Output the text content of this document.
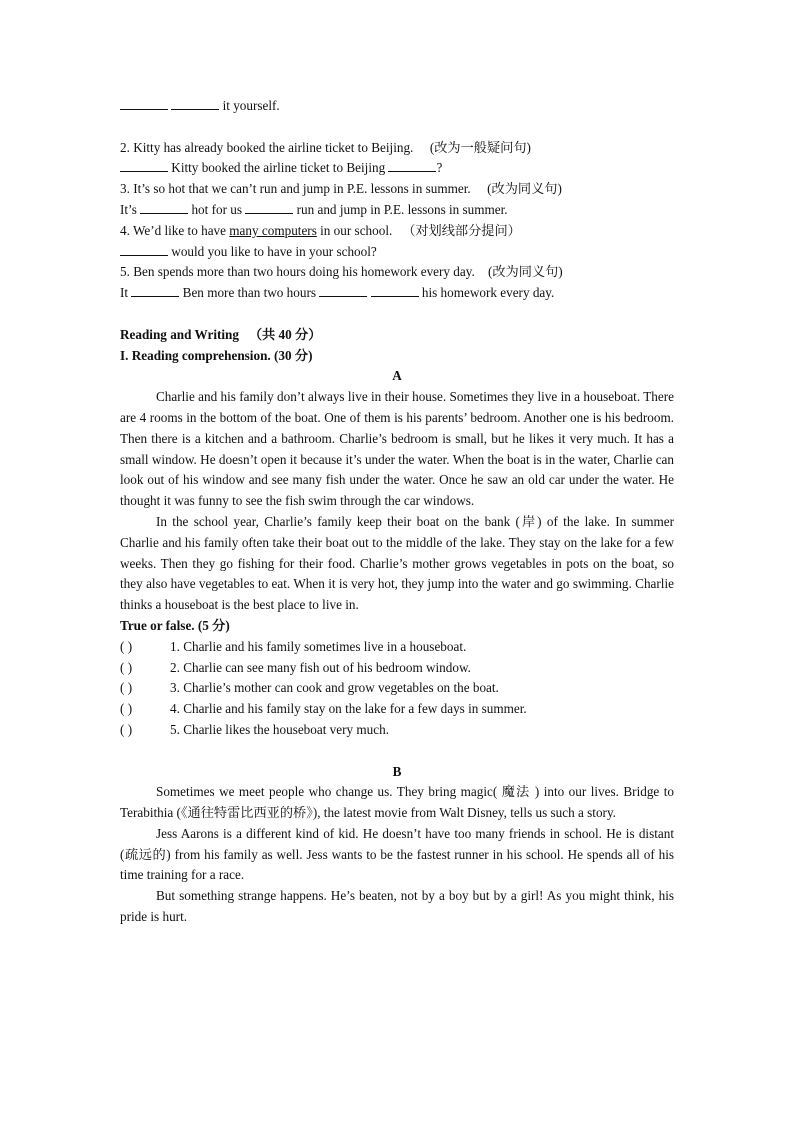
it yourself.
2. Kitty has already booked the airline ticket to Beijing. (改为一般疑问句)
Kitty booked the airline ticket to Beijing	?
3. It’s so hot that we can’t run and jump in P.E. lessons in summer. (改为同义句)
It’s	hot for us	run and jump in P.E. lessons in summer.
4. We’d like to have many computers in our school. （对划线部分提问）
would you like to have in your school?
5. Ben spends more than two hours doing his homework every day. (改为同义句)
It	Ben more than two hours	his homework every day.
Reading and Writing （共 40 分）
I. Reading comprehension. (30 分)
A
Charlie and his family don’t always live in their house. Sometimes they live in a houseboat. There are 4 rooms in the bottom of the boat. One of them is his parents’ bedroom. Another one is his bedroom. Then there is a kitchen and a bathroom. Charlie’s bedroom is small, but he likes it very much. It has a small window. He doesn’t open it because it’s under the water. When the boat is in the water, Charlie can look out of his window and see many fish under the water. Once he saw an old car under the water. He thought it was funny to see the fish swim through the car windows.
In the school year, Charlie’s family keep their boat on the bank (岸) of the lake. In summer Charlie and his family often take their boat out to the middle of the lake. They stay on the lake for a few weeks. Then they go fishing for their food. Charlie’s mother grows vegetables in pots on the boat, so they also have vegetables to eat. When it is very hot, they jump into the water and go swimming. Charlie thinks a houseboat is the best place to live in.
True or false. (5 分)
( )	1. Charlie and his family sometimes live in a houseboat.
( )	2. Charlie can see many fish out of his bedroom window.
( )	3. Charlie’s mother can cook and grow vegetables on the boat.
( )	4. Charlie and his family stay on the lake for a few days in summer.
( )	5. Charlie likes the houseboat very much.
B
Sometimes we meet people who change us. They bring magic( 魔法 ) into our lives. Bridge to Terabithia (《通往特雷比西亚的桥》), the latest movie from Walt Disney, tells us such a story.
Jess Aarons is a different kind of kid. He doesn’t have too many friends in school. He is distant (疏远的) from his family as well. Jess wants to be the fastest runner in his school. He spends all of his time training for a race.
But something strange happens. He’s beaten, not by a boy but by a girl! As you might think, his pride is hurt.
